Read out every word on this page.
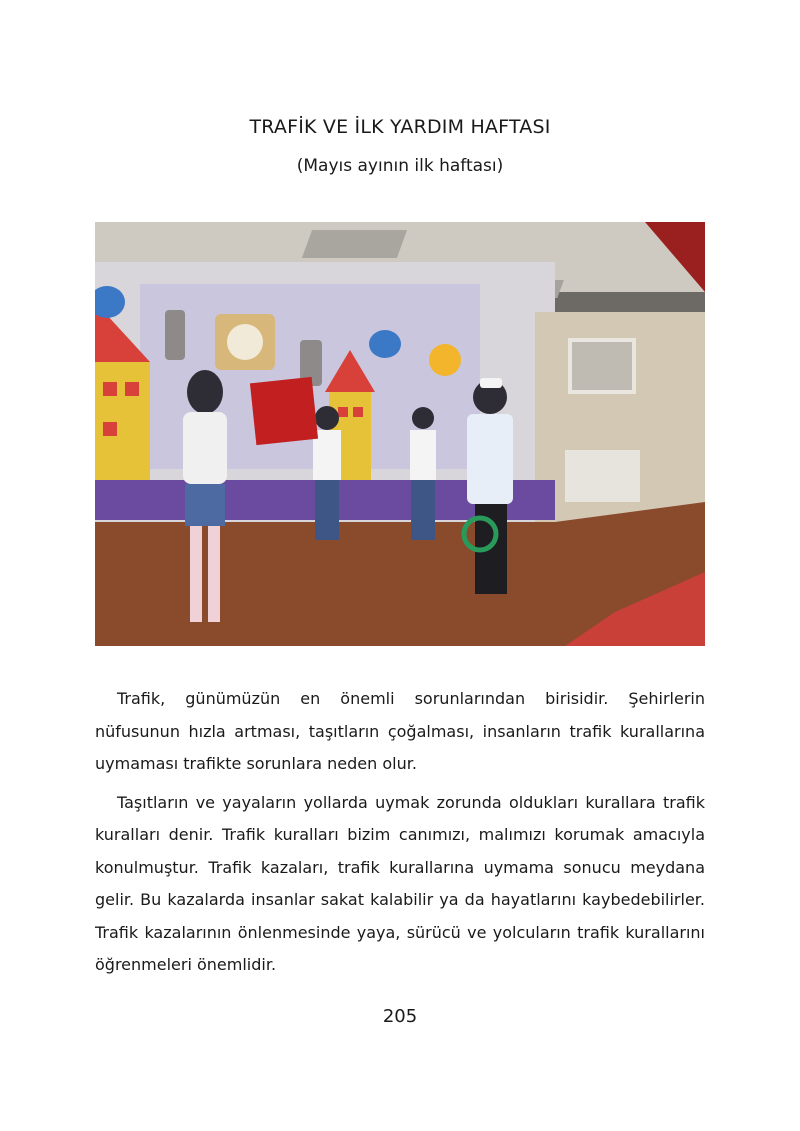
TRAFİK VE İLK YARDIM HAFTASI
(Mayıs ayının ilk haftası)

Trafik, günümüzün en önemli sorunlarından birisidir. Şehirlerin nüfusunun hızla artması, taşıtların çoğalması, insanların trafik kurallarına uymaması trafikte sorunlara neden olur.

Taşıtların ve yayaların yollarda uymak zorunda oldukları kurallara trafik kuralları denir. Trafik kuralları bizim canımızı, malımızı korumak amacıyla konulmuştur. Trafik kazaları, trafik kurallarına uymama sonucu meydana gelir. Bu kazalarda insanlar sakat kalabilir ya da hayatlarını kaybedebilirler. Trafik kazalarının önlenmesinde yaya, sürücü ve yolcuların trafik kurallarını öğrenmeleri önemlidir.

205
